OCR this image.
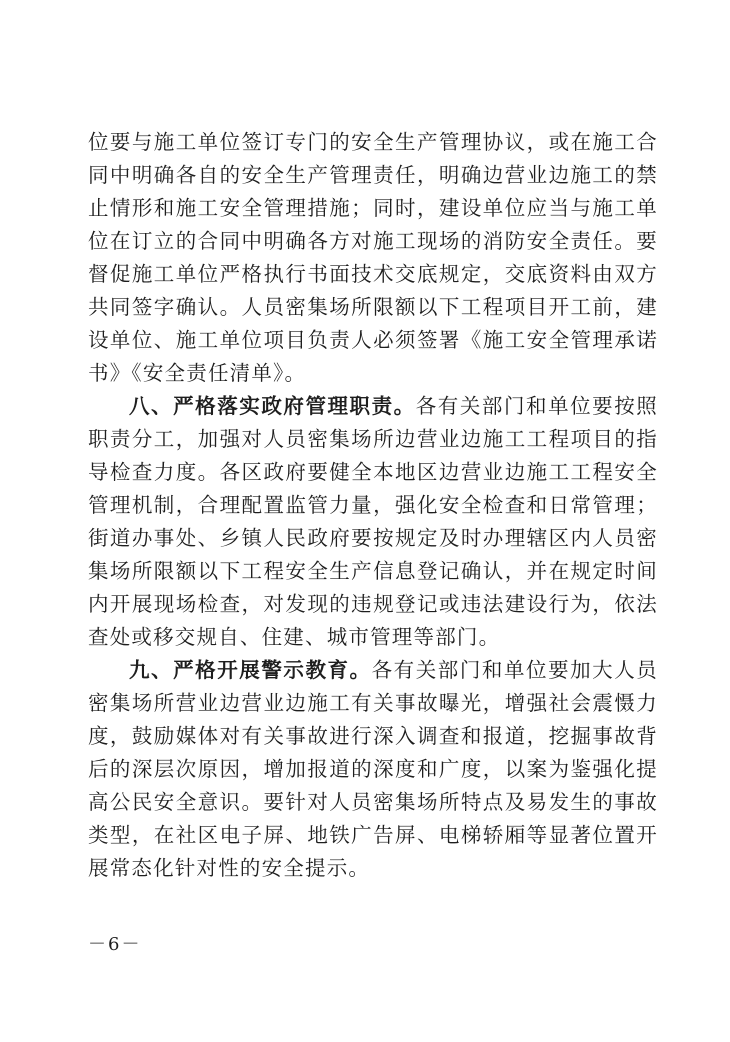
位要与施工单位签订专门的安全生产管理协议，或在施工合同中明确各自的安全生产管理责任，明确边营业边施工的禁止情形和施工安全管理措施；同时，建设单位应当与施工单位在订立的合同中明确各方对施工现场的消防安全责任。要督促施工单位严格执行书面技术交底规定，交底资料由双方共同签字确认。人员密集场所限额以下工程项目开工前，建设单位、施工单位项目负责人必须签署《施工安全管理承诺书》《安全责任清单》。

八、严格落实政府管理职责。各有关部门和单位要按照职责分工，加强对人员密集场所边营业边施工工程项目的指导检查力度。各区政府要健全本地区边营业边施工工程安全管理机制，合理配置监管力量，强化安全检查和日常管理；街道办事处、乡镇人民政府要按规定及时办理辖区内人员密集场所限额以下工程安全生产信息登记确认，并在规定时间内开展现场检查，对发现的违规登记或违法建设行为，依法查处或移交规自、住建、城市管理等部门。

九、严格开展警示教育。各有关部门和单位要加大人员密集场所营业边营业边施工有关事故曝光，增强社会震慑力度，鼓励媒体对有关事故进行深入调查和报道，挖掘事故背后的深层次原因，增加报道的深度和广度，以案为鉴强化提高公民安全意识。要针对人员密集场所特点及易发生的事故类型，在社区电子屏、地铁广告屏、电梯轿厢等显著位置开展常态化针对性的安全提示。

－6－
